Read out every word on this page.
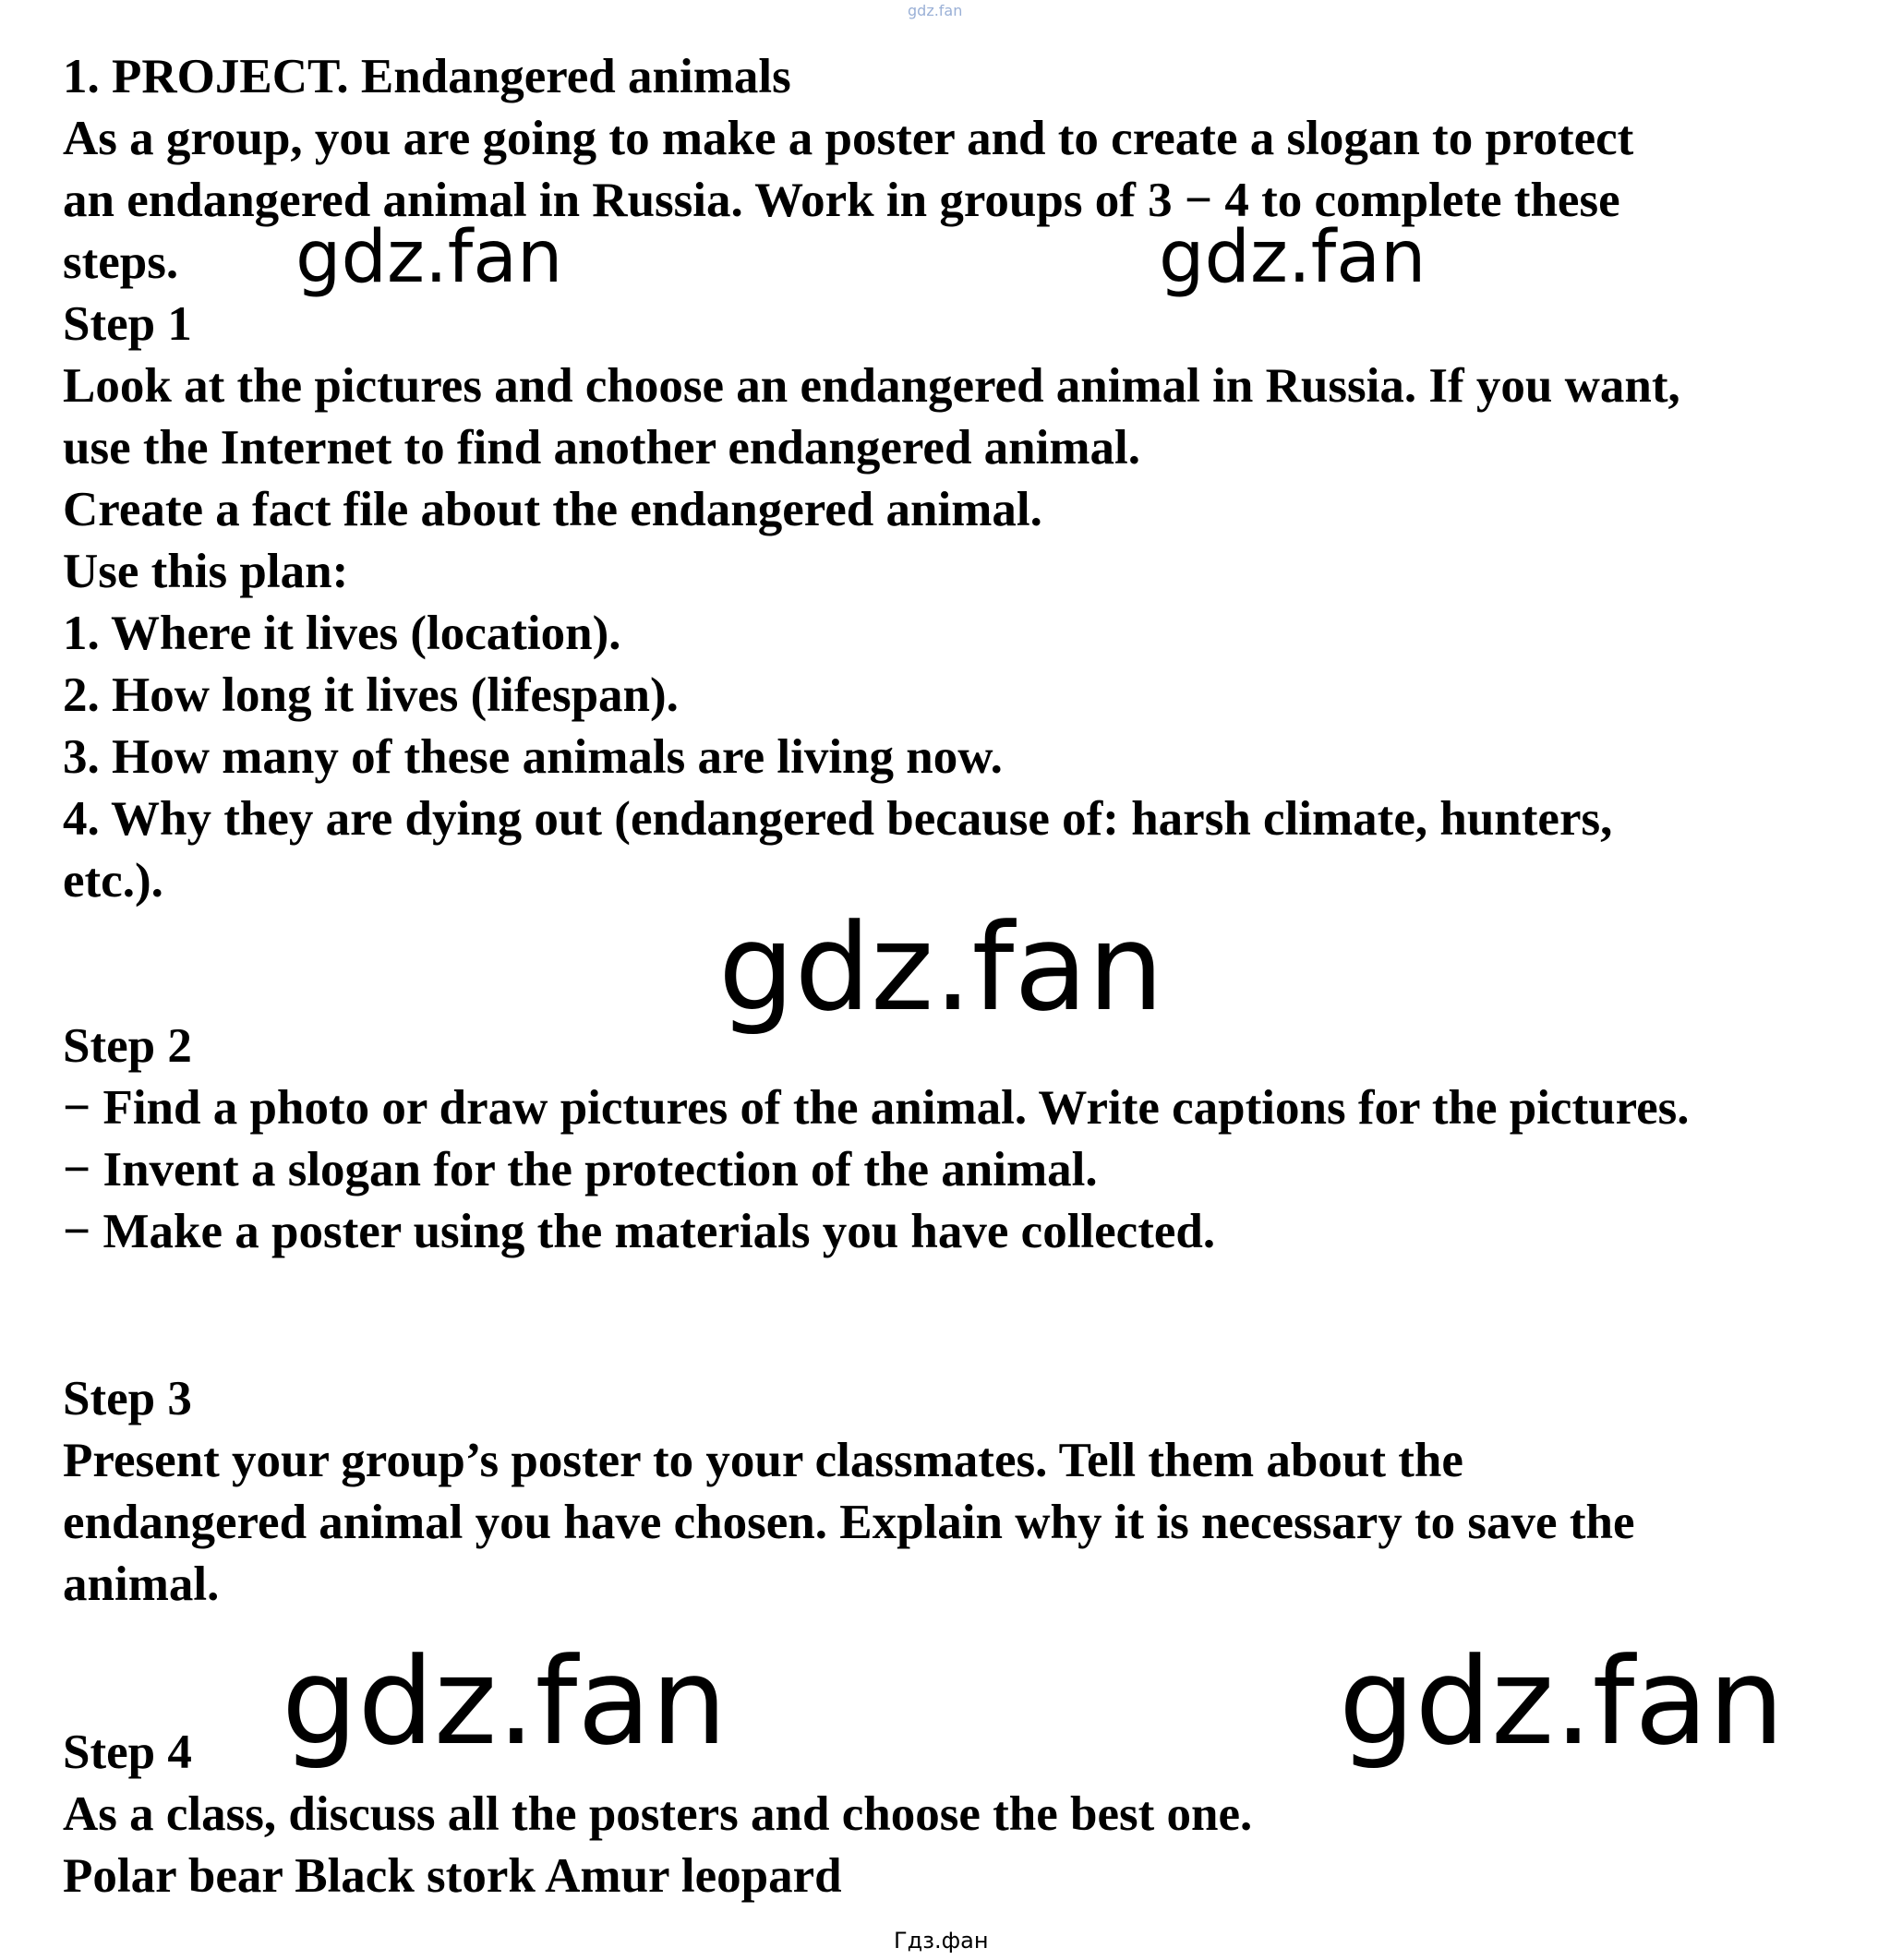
gdz.fan
1. PROJECT. Endangered animals
As a group, you are going to make a poster and to create a slogan to protect
an endangered animal in Russia. Work in groups of 3 − 4 to complete these
steps.
Step 1
Look at the pictures and choose an endangered animal in Russia. If you want,
use the Internet to find another endangered animal.
Create a fact file about the endangered animal.
Use this plan:
1. Where it lives (location).
2. How long it lives (lifespan).
3. How many of these animals are living now.
4. Why they are dying out (endangered because of: harsh climate, hunters,
etc.).
Step 2
− Find a photo or draw pictures of the animal. Write captions for the pictures.
− Invent a slogan for the protection of the animal.
− Make a poster using the materials you have collected.
Step 3
Present your group’s poster to your classmates. Tell them about the
endangered animal you have chosen. Explain why it is necessary to save the
animal.
Step 4
As a class, discuss all the posters and choose the best one.
Polar bear Black stork Amur leopard
gdz.fan	gdz.fan
gdz.fan
gdz.fan	gdz.fan
Гдз.фан
